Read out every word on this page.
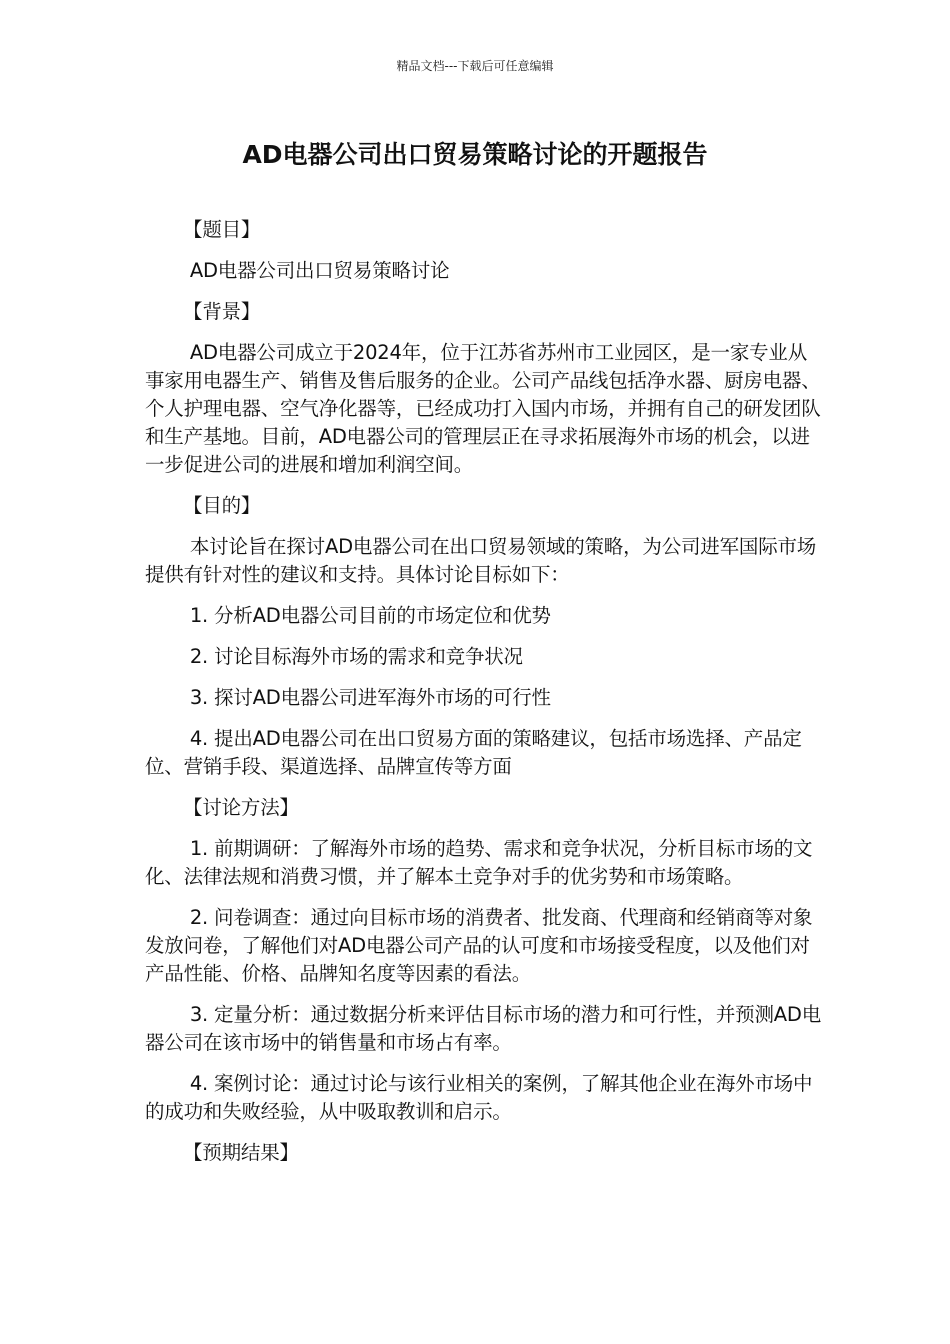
精品文档---下载后可任意编辑
AD电器公司出口贸易策略讨论的开题报告

【题目】

AD电器公司出口贸易策略讨论

【背景】

AD电器公司成立于2024年，位于江苏省苏州市工业园区，是一家专业从事家用电器生产、销售及售后服务的企业。公司产品线包括净水器、厨房电器、个人护理电器、空气净化器等，已经成功打入国内市场，并拥有自己的研发团队和生产基地。目前，AD电器公司的管理层正在寻求拓展海外市场的机会，以进一步促进公司的进展和增加利润空间。

【目的】

本讨论旨在探讨AD电器公司在出口贸易领域的策略，为公司进军国际市场提供有针对性的建议和支持。具体讨论目标如下：

1. 分析AD电器公司目前的市场定位和优势

2. 讨论目标海外市场的需求和竞争状况

3. 探讨AD电器公司进军海外市场的可行性

4. 提出AD电器公司在出口贸易方面的策略建议，包括市场选择、产品定位、营销手段、渠道选择、品牌宣传等方面

【讨论方法】

1. 前期调研：了解海外市场的趋势、需求和竞争状况，分析目标市场的文化、法律法规和消费习惯，并了解本土竞争对手的优劣势和市场策略。

2. 问卷调查：通过向目标市场的消费者、批发商、代理商和经销商等对象发放问卷，了解他们对AD电器公司产品的认可度和市场接受程度，以及他们对产品性能、价格、品牌知名度等因素的看法。

3. 定量分析：通过数据分析来评估目标市场的潜力和可行性，并预测AD电器公司在该市场中的销售量和市场占有率。

4. 案例讨论：通过讨论与该行业相关的案例，了解其他企业在海外市场中的成功和失败经验，从中吸取教训和启示。

【预期结果】
